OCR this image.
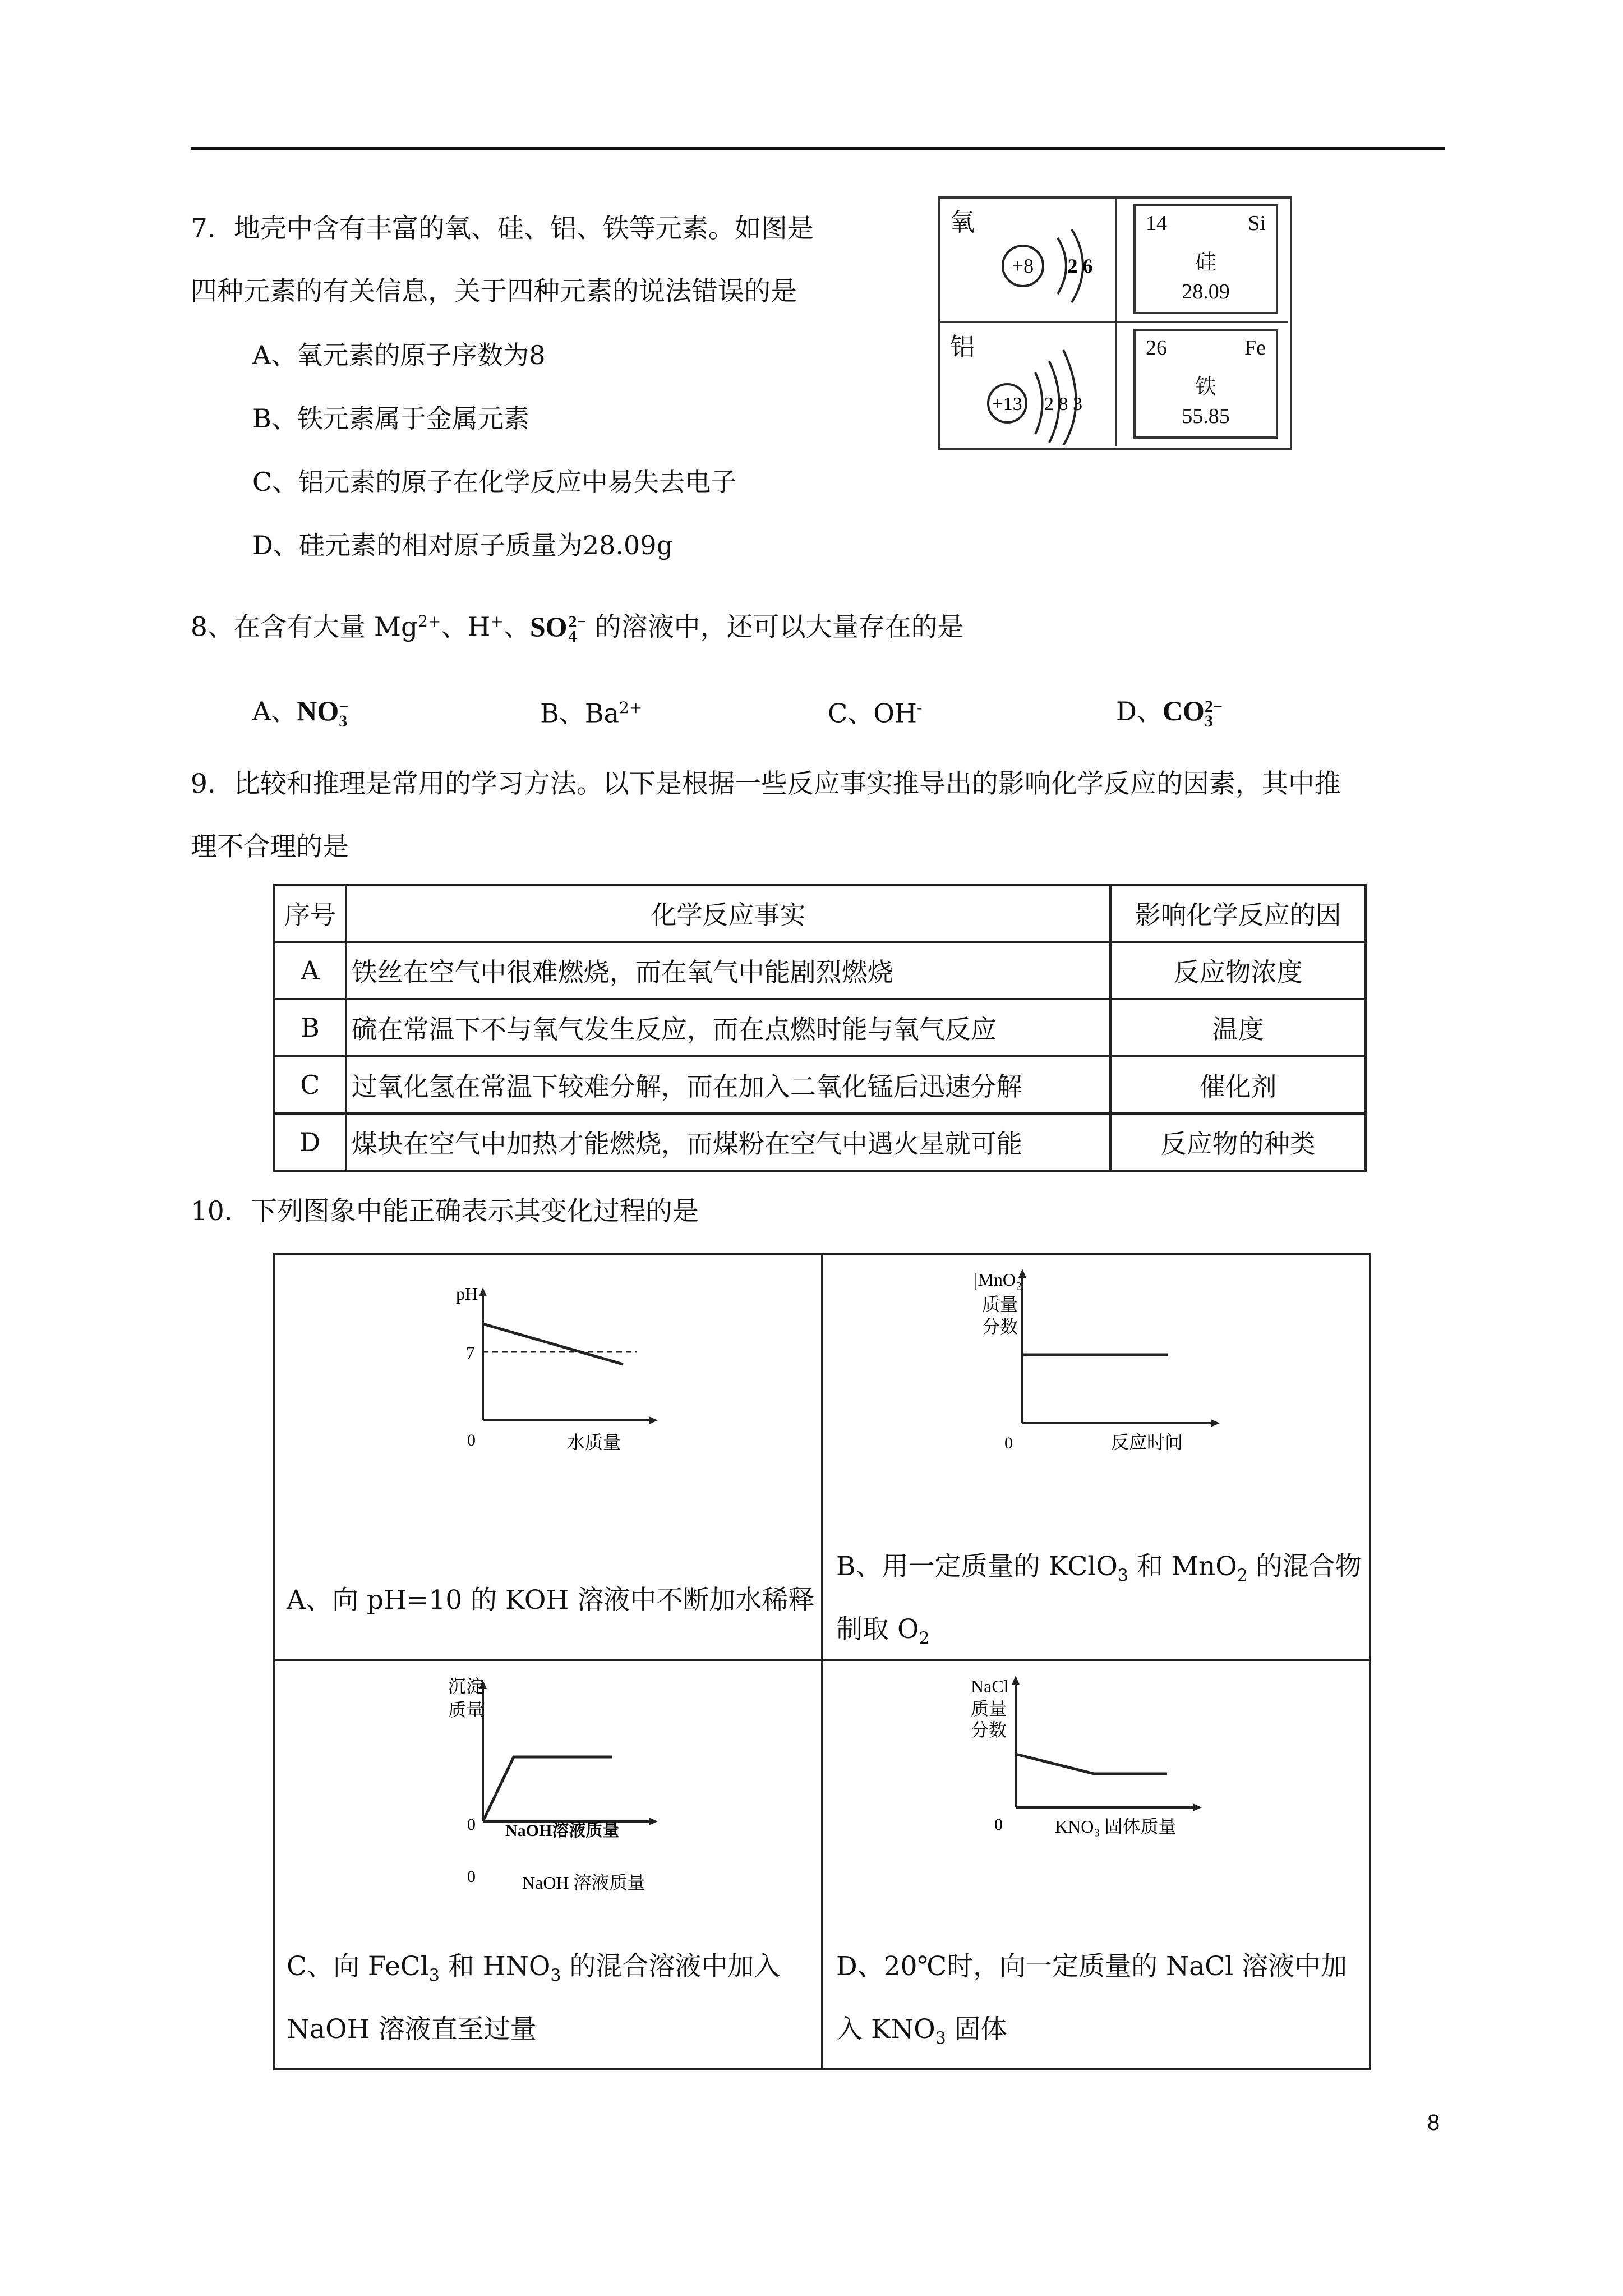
7．地壳中含有丰富的氧、硅、铝、铁等元素。如图是
四种元素的有关信息，关于四种元素的说法错误的是
A、氧元素的原子序数为8
B、铁元素属于金属元素
C、铝元素的原子在化学反应中易失去电子
D、硅元素的相对原子质量为28.09g
氧
+8 2 6
14	Si
硅
28.09
铝
+13 2 8 3
26	Fe
铁
55.85
8、在含有大量 $Mg^{2+}$、H+、SO 2−
4 的溶液中，还可以大量存在的是
A、NO −
3	B、$Ba^{2+}$	C、OH-	D、CO 2−
3
9．比较和推理是常用的学习方法。以下是根据一些反应事实推导出的影响化学反应的因素，其中推
理不合理的是
序号	化学反应事实	影响化学反应的因
A	铁丝在空气中很难燃烧，而在氧气中能剧烈燃烧	反应物浓度
B	硫在常温下不与氧气发生反应，而在点燃时能与氧气反应	温度
C	过氧化氢在常温下较难分解，而在加入二氧化锰后迅速分解	催化剂
D	煤块在空气中加热才能燃烧，而煤粉在空气中遇火星就可能	反应物的种类
10．下列图象中能正确表示其变化过程的是
pH
7
0	水质量
A、向 pH=10 的 KOH 溶液中不断加水稀释
|MnO₂
质量
分数
0	反应时间
B、用一定质量的 KClO$_3$ 和 MnO$_2$ 的混合物
制取 $O_2$
沉淀
质量
0 NaOH溶液质量
0	NaOH 溶液质量
C、向 FeCl$_3$ 和 $HNO_3$ 的混合溶液中加入
NaOH 溶液直至过量
NaCl
质量
分数
0	KNO₃ 固体质量
D、20℃时，向一定质量的 NaCl 溶液中加
入 $KNO_3$ 固体
8
